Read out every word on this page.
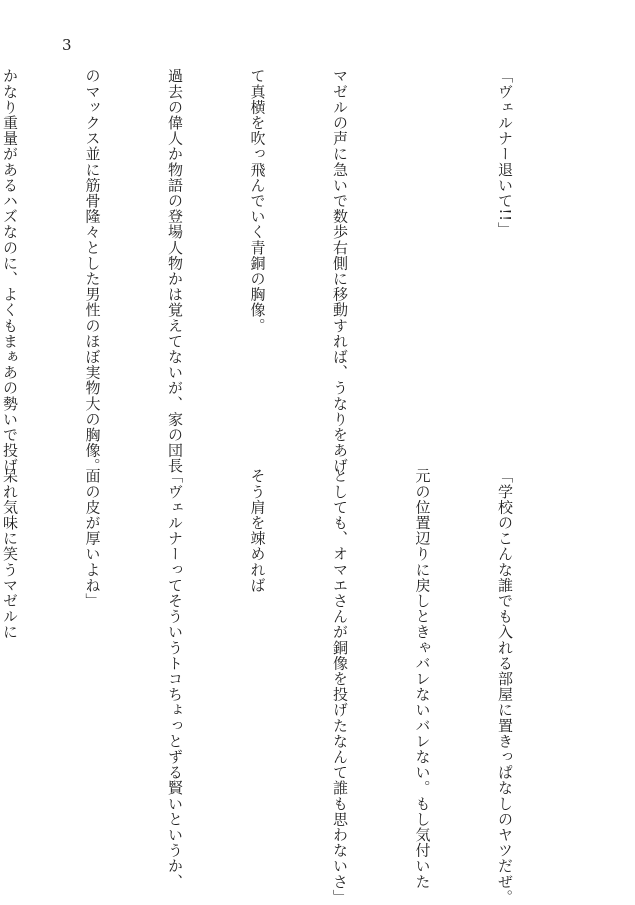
3

「ヴェルナー退いて!!」

マゼルの声に急いで数歩右側に移動すれば、うなりをあげ

て真横を吹っ飛んでいく青銅の胸像。

過去の偉人か物語の登場人物かは覚えてないが、家の団長

のマックス並に筋骨隆々とした男性のほぼ実物大の胸像。

かなり重量があるハズなのに、よくもまぁあの勢いで投げ

「学校のこんな誰でも入れる部屋に置きっぱなしのヤツだぜ。

元の位置辺りに戻しときゃバレないバレない。もし気付いた

としても、オマエさんが銅像を投げたなんて誰も思わないさ」

そう肩を竦めれば

「ヴェルナーってそういうトコちょっとずる賢いというか、

面の皮が厚いよね」

呆れ気味に笑うマゼルに
